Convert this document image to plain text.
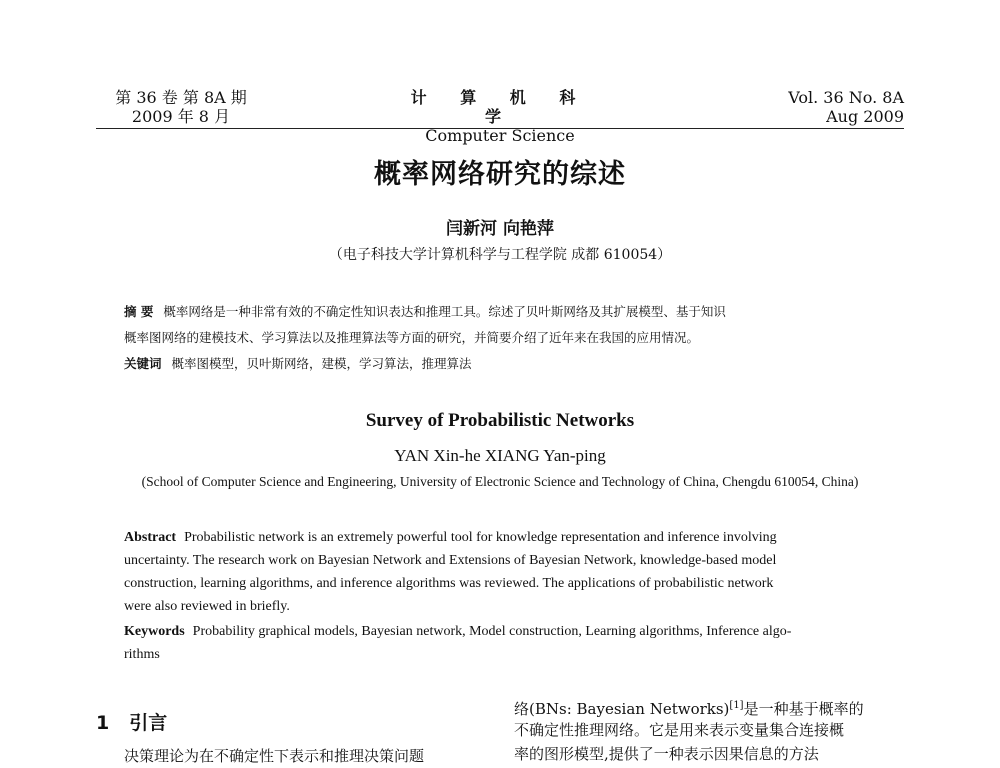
第 36 卷 第 8A 期
2009 年 8 月
计 算 机 科 学
Computer Science
Vol. 36 No. 8A
Aug 2009
概率网络研究的综述
闫新河 向艳萍
（电子科技大学计算机科学与工程学院 成都 610054）
摘 要 概率网络是一种非常有效的不确定性知识表达和推理工具。综述了贝叶斯网络及其扩展模型、基于知识
概率图网络的建模技术、学习算法以及推理算法等方面的研究，并简要介绍了近年来在我国的应用情况。
关键词 概率图模型，贝叶斯网络，建模，学习算法，推理算法
Survey of Probabilistic Networks
YAN Xin-he XIANG Yan-ping
(School of Computer Science and Engineering, University of Electronic Science and Technology of China, Chengdu 610054, China)
Abstract Probabilistic network is an extremely powerful tool for knowledge representation and inference involving
uncertainty. The research work on Bayesian Network and Extensions of Bayesian Network, knowledge-based model
construction, learning algorithms, and inference algorithms was reviewed. The applications of probabilistic network
were also reviewed in briefly.
Keywords Probability graphical models, Bayesian network, Model construction, Learning algorithms, Inference algo-
rithms
1 引言
决策理论为在不确定性下表示和推理决策问题
络(BNs: Bayesian Networks)[1]是一种基于概率的
不确定性推理网络。它是用来表示变量集合连接概
率的图形模型,提供了一种表示因果信息的方法
